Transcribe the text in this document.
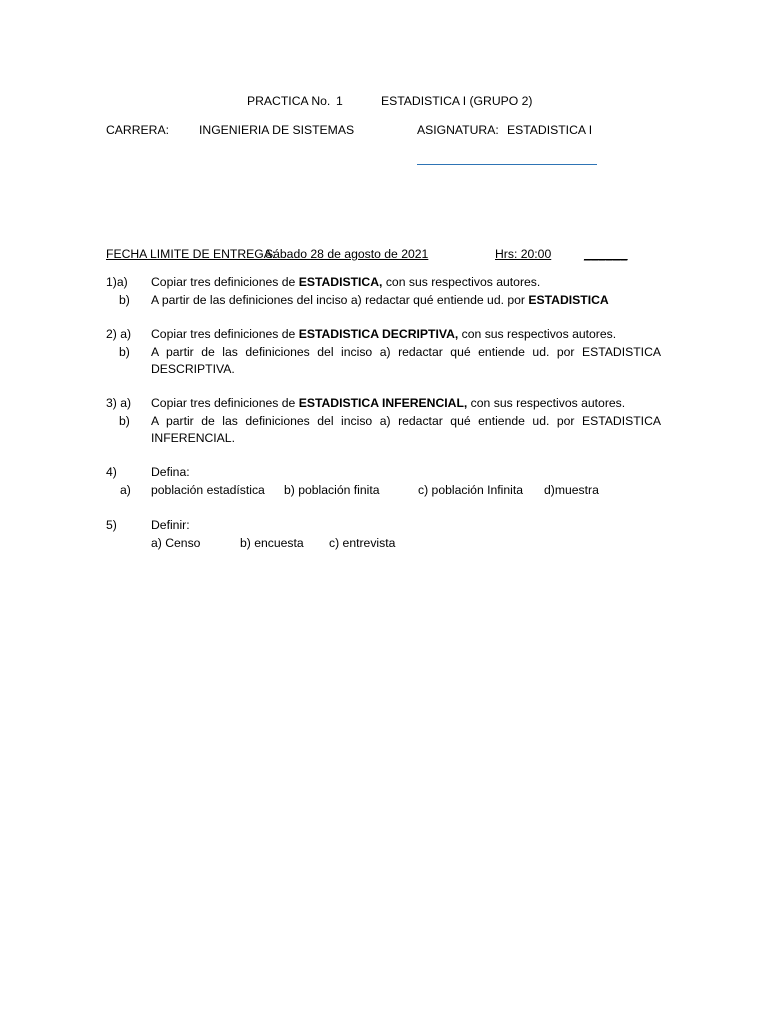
PRACTICA No. 1	ESTADISTICA I (GRUPO 2)
CARRERA: INGENIERIA DE SISTEMAS	ASIGNATURA: ESTADISTICA I
FECHA LIMITE DE ENTREGA:
Sábado 28 de agosto de 2021	Hrs: 20:00	______
1)a) Copiar tres definiciones de ESTADISTICA, con sus respectivos autores.
b) A partir de las definiciones del inciso a) redactar qué entiende ud. por ESTADISTICA
2) a) Copiar tres definiciones de ESTADISTICA DECRIPTIVA, con sus respectivos autores.
b) A partir de las definiciones del inciso a) redactar qué entiende ud. por ESTADISTICA
DESCRIPTIVA.
3) a) Copiar tres definiciones de ESTADISTICA INFERENCIAL, con sus respectivos autores.
b) A partir de las definiciones del inciso a) redactar qué entiende ud. por ESTADISTICA
INFERENCIAL.
4)	Defina:
a) población estadística b) población finita	c) población Infinita d)muestra
5)	Definir:
a) Censo	b) encuesta c) entrevista
